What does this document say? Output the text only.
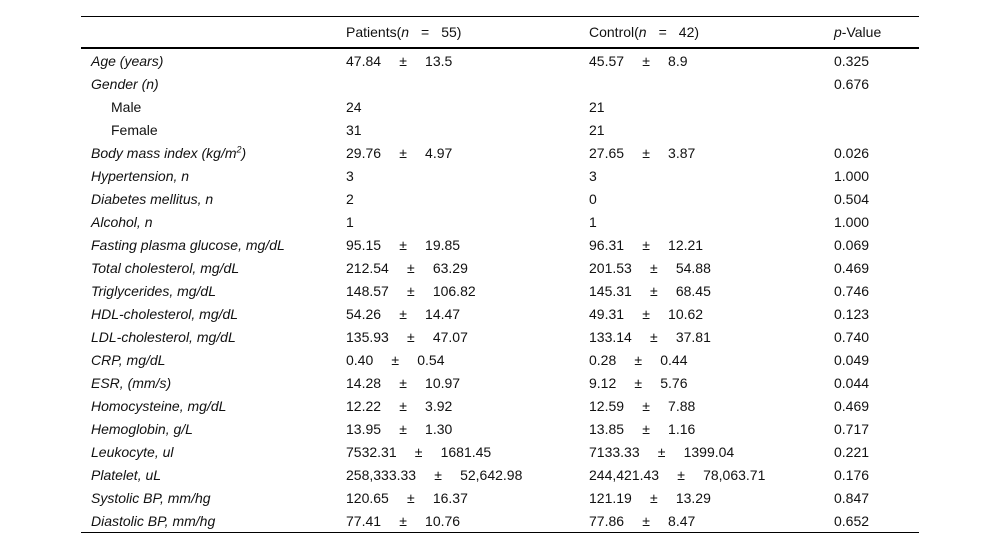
	Patients(n = 55)	Control(n = 42)	p-Value
Age (years)	47.84 ± 13.5	45.57 ± 8.9	0.325
Gender (n)			0.676
Male	24	21	
Female	31	21	
Body mass index $(kg/m^2)$	29.76 ± 4.97	27.65 ± 3.87	0.026
Hypertension, n	3	3	1.000
Diabetes mellitus, n	2	0	0.504
Alcohol, n	1	1	1.000
Fasting plasma glucose, mg/dL	95.15 ± 19.85	96.31 ± 12.21	0.069
Total cholesterol, mg/dL	212.54 ± 63.29	201.53 ± 54.88	0.469
Triglycerides, mg/dL	148.57 ± 106.82	145.31 ± 68.45	0.746
HDL-cholesterol, mg/dL	54.26 ± 14.47	49.31 ± 10.62	0.123
LDL-cholesterol, mg/dL	135.93 ± 47.07	133.14 ± 37.81	0.740
CRP, mg/dL	0.40 ± 0.54	0.28 ± 0.44	0.049
ESR, (mm/s)	14.28 ± 10.97	9.12 ± 5.76	0.044
Homocysteine, mg/dL	12.22 ± 3.92	12.59 ± 7.88	0.469
Hemoglobin, g/L	13.95 ± 1.30	13.85 ± 1.16	0.717
Leukocyte, ul	7532.31 ± 1681.45	7133.33 ± 1399.04	0.221
Platelet, uL	258,333.33 ± 52,642.98	244,421.43 ± 78,063.71	0.176
Systolic BP, mm/hg	120.65 ± 16.37	121.19 ± 13.29	0.847
Diastolic BP, mm/hg	77.41 ± 10.76	77.86 ± 8.47	0.652
